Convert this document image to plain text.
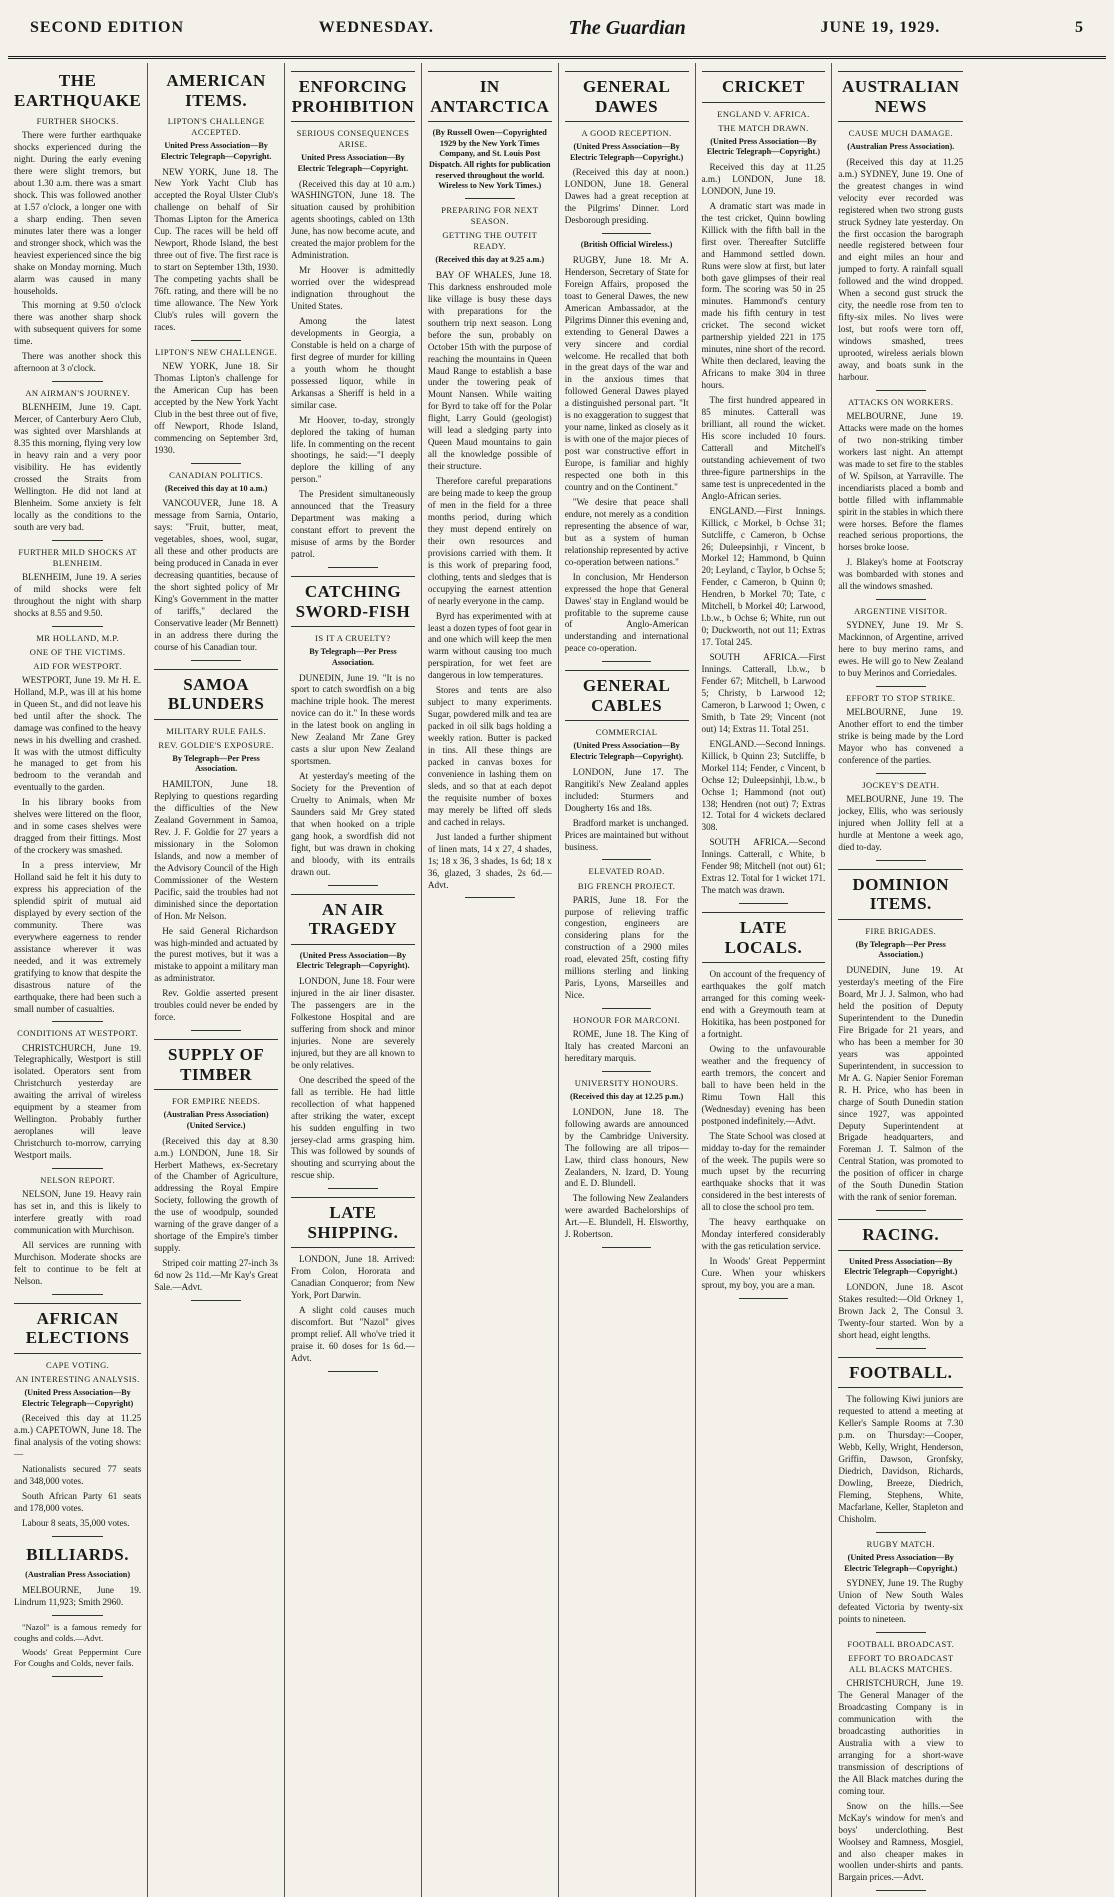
SECOND EDITION	WEDNESDAY.	The Guardian	JUNE 19, 1929.	5
THE EARTHQUAKE
FURTHER SHOCKS.

There were further earthquake shocks experienced during the night. During the early evening there were slight tremors, but about 1.30 a.m. there was a smart shock. This was followed another at 1.57 o'clock, a longer one with a sharp ending. Then seven minutes later there was a longer and stronger shock, which was the heaviest experienced since the big shake on Monday morning. Much alarm was caused in many households.

This morning at 9.50 o'clock there was another sharp shock with subsequent quivers for some time.

There was another shock this afternoon at 3 o'clock.

AN AIRMAN'S JOURNEY.

BLENHEIM, June 19. Capt. Mercer, of Canterbury Aero Club, was sighted over Marshlands at 8.35 this morning, flying very low in heavy rain and a very poor visibility. He has evidently crossed the Straits from Wellington. He did not land at Blenheim. Some anxiety is felt locally as the conditions to the south are very bad.

FURTHER MILD SHOCKS AT BLENHEIM.

BLENHEIM, June 19. A series of mild shocks were felt throughout the night with sharp shocks at 8.55 and 9.50.

MR HOLLAND, M.P.
ONE OF THE VICTIMS.
AID FOR WESTPORT.

WESTPORT, June 19. Mr H. E. Holland, M.P., was ill at his home in Queen St., and did not leave his bed until after the shock. The damage was confined to the heavy news in his dwelling and crashed. It was with the utmost difficulty he managed to get from his bedroom to the verandah and eventually to the garden.

In his library books from shelves were littered on the floor, and in some cases shelves were dragged from their fittings. Most of the crockery was smashed.

In a press interview, Mr Holland said he felt it his duty to express his appreciation of the splendid spirit of mutual aid displayed by every section of the community. There was everywhere eagerness to render assistance wherever it was needed, and it was extremely gratifying to know that despite the disastrous nature of the earthquake, there had been such a small number of casualties.

CONDITIONS AT WESTPORT.

CHRISTCHURCH, June 19. Telegraphically, Westport is still isolated. Operators sent from Christchurch yesterday are awaiting the arrival of wireless equipment by a steamer from Wellington. Probably further aeroplanes will leave Christchurch to-morrow, carrying Westport mails.

NELSON REPORT.

NELSON, June 19. Heavy rain has set in, and this is likely to interfere greatly with road communication with Murchison.

All services are running with Murchison. Moderate shocks are felt to continue to be felt at Nelson.

AFRICAN ELECTIONS
CAPE VOTING.
AN INTERESTING ANALYSIS.
(United Press Association—By Electric Telegraph—Copyright)

(Received this day at 11.25 a.m.) CAPETOWN, June 18. The final analysis of the voting shows:—

Nationalists secured 77 seats and 348,000 votes.

South African Party 61 seats and 178,000 votes.

Labour 8 seats, 35,000 votes.

BILLIARDS.
(Australian Press Association)

MELBOURNE, June 19. Lindrum 11,923; Smith 2960.

"Nazol" is a famous remedy for coughs and colds.—Advt.

Woods' Great Peppermint Cure For Coughs and Colds, never fails.

AMERICAN ITEMS.
LIPTON'S CHALLENGE ACCEPTED.
United Press Association—By Electric Telegraph—Copyright.

NEW YORK, June 18. The New York Yacht Club has accepted the Royal Ulster Club's challenge on behalf of Sir Thomas Lipton for the America Cup. The races will be held off Newport, Rhode Island, the best three out of five. The first race is to start on September 13th, 1930. The competing yachts shall be 76ft. rating, and there will be no time allowance. The New York Club's rules will govern the races.

LIPTON'S NEW CHALLENGE.

NEW YORK, June 18. Sir Thomas Lipton's challenge for the American Cup has been accepted by the New York Yacht Club in the best three out of five, off Newport, Rhode Island, commencing on September 3rd, 1930.

CANADIAN POLITICS.
(Received this day at 10 a.m.)

VANCOUVER, June 18. A message from Sarnia, Ontario, says: "Fruit, butter, meat, vegetables, shoes, wool, sugar, all these and other products are being produced in Canada in ever decreasing quantities, because of the short sighted policy of Mr King's Government in the matter of tariffs," declared the Conservative leader (Mr Bennett) in an address there during the course of his Canadian tour.

SAMOA BLUNDERS
MILITARY RULE FAILS.
REV. GOLDIE'S EXPOSURE.
By Telegraph—Per Press Association.

HAMILTON, June 18. Replying to questions regarding the difficulties of the New Zealand Government in Samoa, Rev. J. F. Goldie for 27 years a missionary in the Solomon Islands, and now a member of the Advisory Council of the High Commissioner of the Western Pacific, said the troubles had not diminished since the deportation of Hon. Mr Nelson.

He said General Richardson was high-minded and actuated by the purest motives, but it was a mistake to appoint a military man as administrator.

Rev. Goldie asserted present troubles could never be ended by force.

SUPPLY OF TIMBER
FOR EMPIRE NEEDS.
(Australian Press Association) (United Service.)

(Received this day at 8.30 a.m.) LONDON, June 18. Sir Herbert Mathews, ex-Secretary of the Chamber of Agriculture, addressing the Royal Empire Society, following the growth of the use of woodpulp, sounded warning of the grave danger of a shortage of the Empire's timber supply.

Striped coir matting 27-inch 3s 6d now 2s 11d.—Mr Kay's Great Sale.—Advt.

ENFORCING PROHIBITION
SERIOUS CONSEQUENCES ARISE.
United Press Association—By Electric Telegraph—Copyright.

(Received this day at 10 a.m.) WASHINGTON, June 18. The situation caused by prohibition agents shootings, cabled on 13th June, has now become acute, and created the major problem for the Administration.

Mr Hoover is admittedly worried over the widespread indignation throughout the United States.

Among the latest developments in Georgia, a Constable is held on a charge of first degree of murder for killing a youth whom he thought possessed liquor, while in Arkansas a Sheriff is held in a similar case.

Mr Hoover, to-day, strongly deplored the taking of human life. In commenting on the recent shootings, he said:—"I deeply deplore the killing of any person."

The President simultaneously announced that the Treasury Department was making a constant effort to prevent the misuse of arms by the Border patrol.

CATCHING SWORD-FISH
IS IT A CRUELTY?
By Telegraph—Per Press Association.

DUNEDIN, June 19. "It is no sport to catch swordfish on a big machine triple hook. The merest novice can do it." In these words in the latest book on angling in New Zealand Mr Zane Grey casts a slur upon New Zealand sportsmen.

At yesterday's meeting of the Society for the Prevention of Cruelty to Animals, when Mr Saunders said Mr Grey stated that when hooked on a triple gang hook, a swordfish did not fight, but was drawn in choking and bloody, with its entrails drawn out.

AN AIR TRAGEDY
(United Press Association—By Electric Telegraph—Copyright).

LONDON, June 18. Four were injured in the air liner disaster. The passengers are in the Folkestone Hospital and are suffering from shock and minor injuries. None are severely injured, but they are all known to be only relatives.

One described the speed of the fall as terrible. He had little recollection of what happened after striking the water, except his sudden engulfing in two jersey-clad arms grasping him. This was followed by sounds of shouting and scurrying about the rescue ship.

LATE SHIPPING.

LONDON, June 18. Arrived: From Colon, Hororata and Canadian Conqueror; from New York, Port Darwin.

A slight cold causes much discomfort. But "Nazol" gives prompt relief. All who've tried it praise it. 60 doses for 1s 6d.—Advt.

IN ANTARCTICA
(By Russell Owen—Copyrighted 1929 by the New York Times Company, and St. Louis Post Dispatch. All rights for publication reserved throughout the world. Wireless to New York Times.)
PREPARING FOR NEXT SEASON.
GETTING THE OUTFIT READY.
(Received this day at 9.25 a.m.)

BAY OF WHALES, June 18. This darkness enshrouded mole like village is busy these days with preparations for the southern trip next season. Long before the sun, probably on October 15th with the purpose of reaching the mountains in Queen Maud Range to establish a base under the towering peak of Mount Nansen. While waiting for Byrd to take off for the Polar flight, Larry Gould (geologist) will lead a sledging party into Queen Maud mountains to gain all the knowledge possible of their structure.

Therefore careful preparations are being made to keep the group of men in the field for a three months period, during which they must depend entirely on their own resources and provisions carried with them. It is this work of preparing food, clothing, tents and sledges that is occupying the earnest attention of nearly everyone in the camp.

Byrd has experimented with at least a dozen types of foot gear in and one which will keep the men warm without causing too much perspiration, for wet feet are dangerous in low temperatures.

Stores and tents are also subject to many experiments. Sugar, powdered milk and tea are packed in oil silk bags holding a weekly ration. Butter is packed in tins. All these things are packed in canvas boxes for convenience in lashing them on sleds, and so that at each depot the requisite number of boxes may merely be lifted off sleds and cached in relays.

Just landed a further shipment of linen mats, 14 x 27, 4 shades, 1s; 18 x 36, 3 shades, 1s 6d; 18 x 36, glazed, 3 shades, 2s 6d.—Advt.

GENERAL DAWES
A GOOD RECEPTION.
(United Press Association—By Electric Telegraph—Copyright.)

(Received this day at noon.) LONDON, June 18. General Dawes had a great reception at the Pilgrims' Dinner. Lord Desborough presiding.

(British Official Wireless.)

RUGBY, June 18. Mr A. Henderson, Secretary of State for Foreign Affairs, proposed the toast to General Dawes, the new American Ambassador, at the Pilgrims Dinner this evening and, extending to General Dawes a very sincere and cordial welcome. He recalled that both in the great days of the war and in the anxious times that followed General Dawes played a distinguished personal part. "It is no exaggeration to suggest that your name, linked as closely as it is with one of the major pieces of post war constructive effort in Europe, is familiar and highly respected one both in this country and on the Continent."

"We desire that peace shall endure, not merely as a condition representing the absence of war, but as a system of human relationship represented by active co-operation between nations."

In conclusion, Mr Henderson expressed the hope that General Dawes' stay in England would be profitable to the supreme cause of Anglo-American understanding and international peace co-operation.

GENERAL CABLES
COMMERCIAL
(United Press Association—By Electric Telegraph—Copyright).

LONDON, June 17. The Rangitiki's New Zealand apples included: Sturmers and Dougherty 16s and 18s.

Bradford market is unchanged. Prices are maintained but without business.

ELEVATED ROAD.
BIG FRENCH PROJECT.

PARIS, June 18. For the purpose of relieving traffic congestion, engineers are considering plans for the construction of a 2900 miles road, elevated 25ft, costing fifty millions sterling and linking Paris, Lyons, Marseilles and Nice.

HONOUR FOR MARCONI.

ROME, June 18. The King of Italy has created Marconi an hereditary marquis.

UNIVERSITY HONOURS.
(Received this day at 12.25 p.m.)

LONDON, June 18. The following awards are announced by the Cambridge University. The following are all tripos—Law, third class honours, New Zealanders, N. Izard, D. Young and E. D. Blundell.

The following New Zealanders were awarded Bachelorships of Art.—E. Blundell, H. Elsworthy, J. Robertson.

CRICKET
ENGLAND V. AFRICA.
THE MATCH DRAWN.
(United Press Association—By Electric Telegraph—Copyright.)

Received this day at 11.25 a.m.) LONDON, June 18. LONDON, June 19.

A dramatic start was made in the test cricket, Quinn bowling Killick with the fifth ball in the first over. Thereafter Sutcliffe and Hammond settled down. Runs were slow at first, but later both gave glimpses of their real form. The scoring was 50 in 25 minutes. Hammond's century made his fifth century in test cricket. The second wicket partnership yielded 221 in 175 minutes, nine short of the record. White then declared, leaving the Africans to make 304 in three hours.

The first hundred appeared in 85 minutes. Catterall was brilliant, all round the wicket. His score included 10 fours. Catterall and Mitchell's outstanding achievement of two three-figure partnerships in the same test is unprecedented in the Anglo-African series.

ENGLAND.—First Innings. Killick, c Morkel, b Ochse 31; Sutcliffe, c Cameron, b Ochse 26; Duleepsinhji, r Vincent, b Morkel 12; Hammond, b Quinn 20; Leyland, c Taylor, b Ochse 5; Fender, c Cameron, b Quinn 0; Hendren, b Morkel 70; Tate, c Mitchell, b Morkel 40; Larwood, l.b.w., b Ochse 6; White, run out 0; Duckworth, not out 11; Extras 17. Total 245.

SOUTH AFRICA.—First Innings. Catterall, l.b.w., b Fender 67; Mitchell, b Larwood 5; Christy, b Larwood 12; Cameron, b Larwood 1; Owen, c Smith, b Tate 29; Vincent (not out) 14; Extras 11. Total 251.

ENGLAND.—Second Innings. Killick, b Quinn 23; Sutcliffe, b Morkel 114; Fender, c Vincent, b Ochse 12; Duleepsinhji, l.b.w., b Ochse 1; Hammond (not out) 138; Hendren (not out) 7; Extras 12. Total for 4 wickets declared 308.

SOUTH AFRICA.—Second Innings. Catterall, c White, b Fender 98; Mitchell (not out) 61; Extras 12. Total for 1 wicket 171. The match was drawn.

LATE LOCALS.

On account of the frequency of earthquakes the golf match arranged for this coming week-end with a Greymouth team at Hokitika, has been postponed for a fortnight.

Owing to the unfavourable weather and the frequency of earth tremors, the concert and ball to have been held in the Rimu Town Hall this (Wednesday) evening has been postponed indefinitely.—Advt.

The State School was closed at midday to-day for the remainder of the week. The pupils were so much upset by the recurring earthquake shocks that it was considered in the best interests of all to close the school pro tem.

The heavy earthquake on Monday interfered considerably with the gas reticulation service.

In Woods' Great Peppermint Cure. When your whiskers sprout, my boy, you are a man.

AUSTRALIAN NEWS
CAUSE MUCH DAMAGE.
(Australian Press Association).

(Received this day at 11.25 a.m.) SYDNEY, June 19. One of the greatest changes in wind velocity ever recorded was registered when two strong gusts struck Sydney late yesterday. On the first occasion the barograph needle registered between four and eight miles an hour and jumped to forty. A rainfall squall followed and the wind dropped. When a second gust struck the city, the needle rose from ten to fifty-six miles. No lives were lost, but roofs were torn off, windows smashed, trees uprooted, wireless aerials blown away, and boats sunk in the harbour.

ATTACKS ON WORKERS.

MELBOURNE, June 19. Attacks were made on the homes of two non-striking timber workers last night. An attempt was made to set fire to the stables of W. Spilson, at Yarraville. The incendiarists placed a bomb and bottle filled with inflammable spirit in the stables in which there were horses. Before the flames reached serious proportions, the horses broke loose.

J. Blakey's home at Footscray was bombarded with stones and all the windows smashed.

ARGENTINE VISITOR.

SYDNEY, June 19. Mr S. Mackinnon, of Argentine, arrived here to buy merino rams, and ewes. He will go to New Zealand to buy Merinos and Corriedales.

EFFORT TO STOP STRIKE.

MELBOURNE, June 19. Another effort to end the timber strike is being made by the Lord Mayor who has convened a conference of the parties.

JOCKEY'S DEATH.

MELBOURNE, June 19. The jockey, Ellis, who was seriously injured when Jollity fell at a hurdle at Mentone a week ago, died to-day.

DOMINION ITEMS.
FIRE BRIGADES.
(By Telegraph—Per Press Association.)

DUNEDIN, June 19. At yesterday's meeting of the Fire Board, Mr J. J. Salmon, who had held the position of Deputy Superintendent to the Dunedin Fire Brigade for 21 years, and who has been a member for 30 years was appointed Superintendent, in succession to Mr A. G. Napier Senior Foreman R. H. Price, who has been in charge of South Dunedin station since 1927, was appointed Deputy Superintendent at Brigade headquarters, and Foreman J. T. Salmon of the Central Station, was promoted to the position of officer in charge of the South Dunedin Station with the rank of senior foreman.

RACING.
United Press Association—By Electric Telegraph—Copyright.)

LONDON, June 18. Ascot Stakes resulted:—Old Orkney 1, Brown Jack 2, The Consul 3. Twenty-four started. Won by a short head, eight lengths.

FOOTBALL.

The following Kiwi juniors are requested to attend a meeting at Keller's Sample Rooms at 7.30 p.m. on Thursday:—Cooper, Webb, Kelly, Wright, Henderson, Griffin, Dawson, Gronfsky, Diedrich, Davidson, Richards, Dowling, Breeze, Diedrich, Fleming, Stephens, White, Macfarlane, Keller, Stapleton and Chisholm.

RUGBY MATCH.
(United Press Association—By Electric Telegraph—Copyright.)

SYDNEY, June 19. The Rugby Union of New South Wales defeated Victoria by twenty-six points to nineteen.

FOOTBALL BROADCAST.
EFFORT TO BROADCAST ALL BLACKS MATCHES.

CHRISTCHURCH, June 19. The General Manager of the Broadcasting Company is in communication with the broadcasting authorities in Australia with a view to arranging for a short-wave transmission of descriptions of the All Black matches during the coming tour.

Snow on the hills.—See McKay's window for men's and boys' underclothing. Best Woolsey and Ramness, Mosgiel, and also cheaper makes in woollen under-shirts and pants. Bargain prices.—Advt.
